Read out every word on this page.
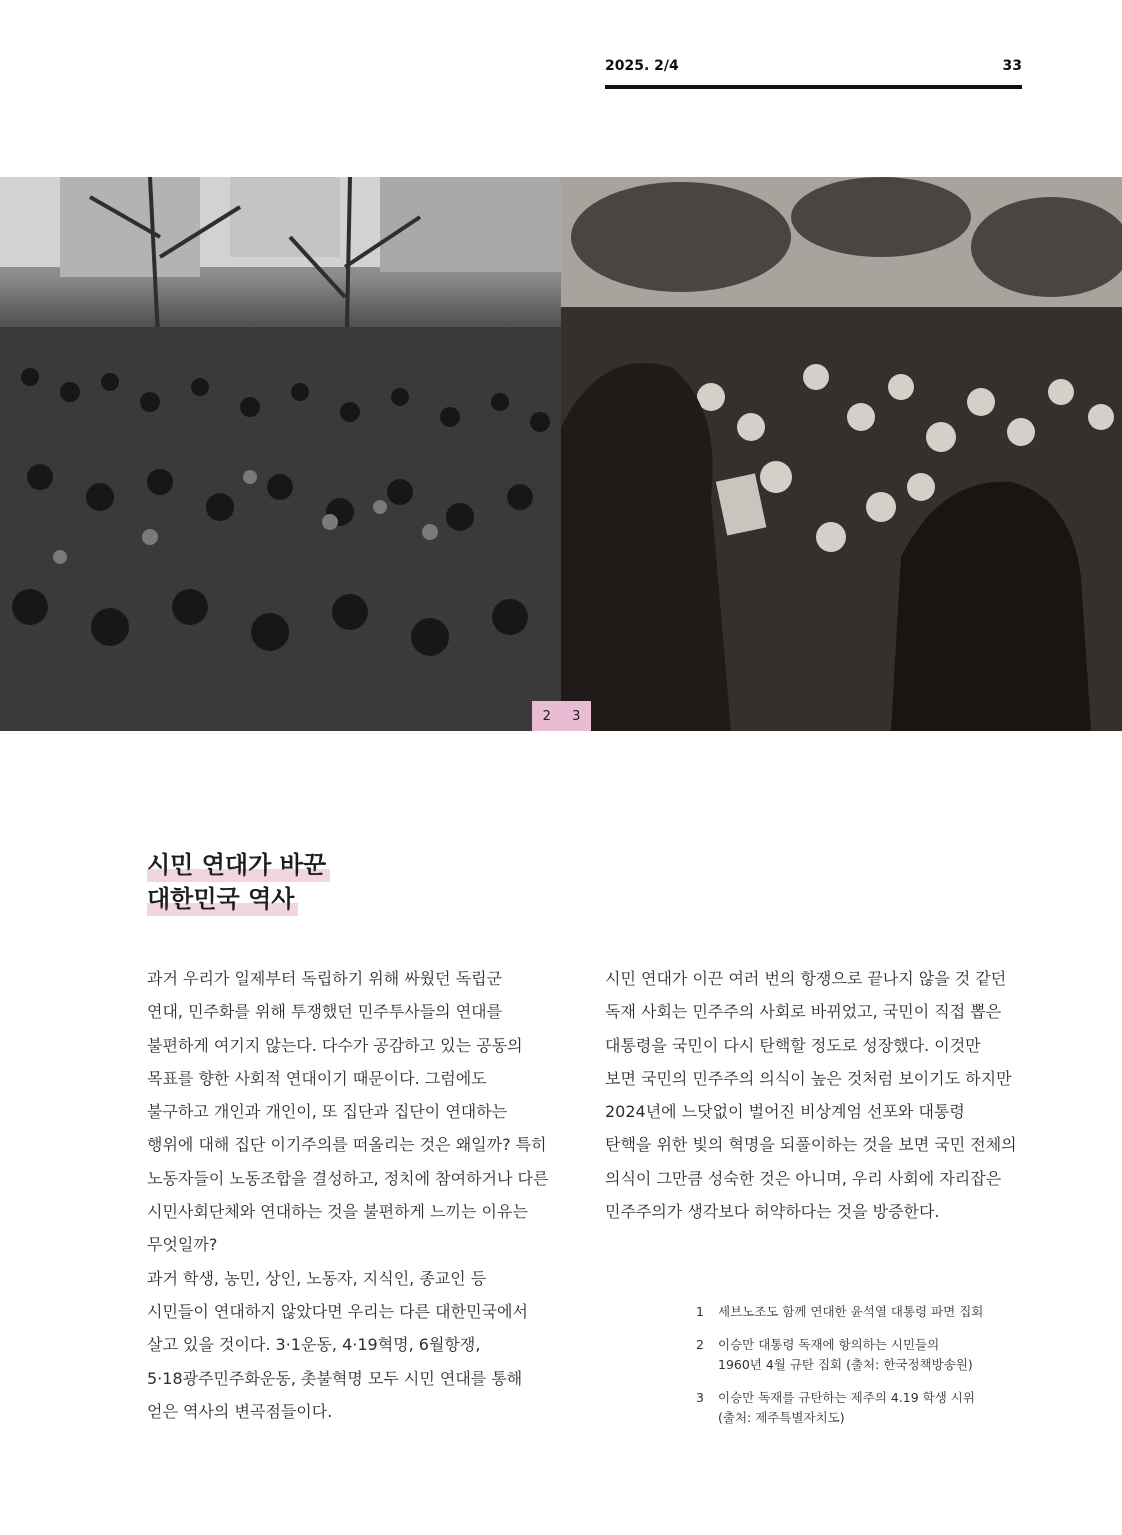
2025. 2/4	33
2 3
시민 연대가 바꾼
대한민국 역사

과거 우리가 일제부터 독립하기 위해 싸웠던 독립군

연대, 민주화를 위해 투쟁했던 민주투사들의 연대를

불편하게 여기지 않는다. 다수가 공감하고 있는 공동의

목표를 향한 사회적 연대이기 때문이다. 그럼에도

불구하고 개인과 개인이, 또 집단과 집단이 연대하는

행위에 대해 집단 이기주의를 떠올리는 것은 왜일까? 특히

노동자들이 노동조합을 결성하고, 정치에 참여하거나 다른

시민사회단체와 연대하는 것을 불편하게 느끼는 이유는

무엇일까?

과거 학생, 농민, 상인, 노동자, 지식인, 종교인 등

시민들이 연대하지 않았다면 우리는 다른 대한민국에서

살고 있을 것이다. 3·1운동, 4·19혁명, 6월항쟁,

5·18광주민주화운동, 촛불혁명 모두 시민 연대를 통해

얻은 역사의 변곡점들이다.

시민 연대가 이끈 여러 번의 항쟁으로 끝나지 않을 것 같던

독재 사회는 민주주의 사회로 바뀌었고, 국민이 직접 뽑은

대통령을 국민이 다시 탄핵할 정도로 성장했다. 이것만

보면 국민의 민주주의 의식이 높은 것처럼 보이기도 하지만

2024년에 느닷없이 벌어진 비상계엄 선포와 대통령

탄핵을 위한 빛의 혁명을 되풀이하는 것을 보면 국민 전체의

의식이 그만큼 성숙한 것은 아니며, 우리 사회에 자리잡은

민주주의가 생각보다 허약하다는 것을 방증한다.

1	세브노조도 함께 연대한 윤석열 대통령 파면 집회

2	이승만 대통령 독재에 항의하는 시민들의

1960년 4월 규탄 집회 (출처: 한국정책방송원)

3	이승만 독재를 규탄하는 제주의 4.19 학생 시위

(출처: 제주특별자치도)
